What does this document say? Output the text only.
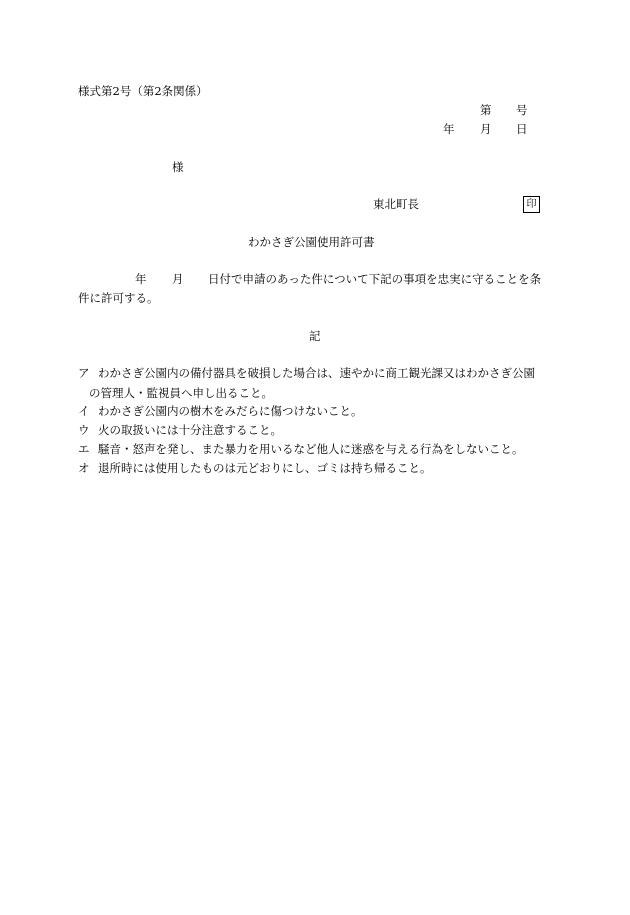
様式第2号（第2条関係）
第 号
年 月 日
様
東北町長	印
わかさぎ公園使用許可書
年 月 日付で申請のあった件について下記の事項を忠実に守ることを条
件に許可する。
記
ア わかさぎ公園内の備付器具を破損した場合は、速やかに商工観光課又はわかさぎ公園
の管理人・監視員へ申し出ること。
イ わかさぎ公園内の樹木をみだらに傷つけないこと。
ウ 火の取扱いには十分注意すること。
エ 騒音・怒声を発し、また暴力を用いるなど他人に迷惑を与える行為をしないこと。
オ 退所時には使用したものは元どおりにし、ゴミは持ち帰ること。
